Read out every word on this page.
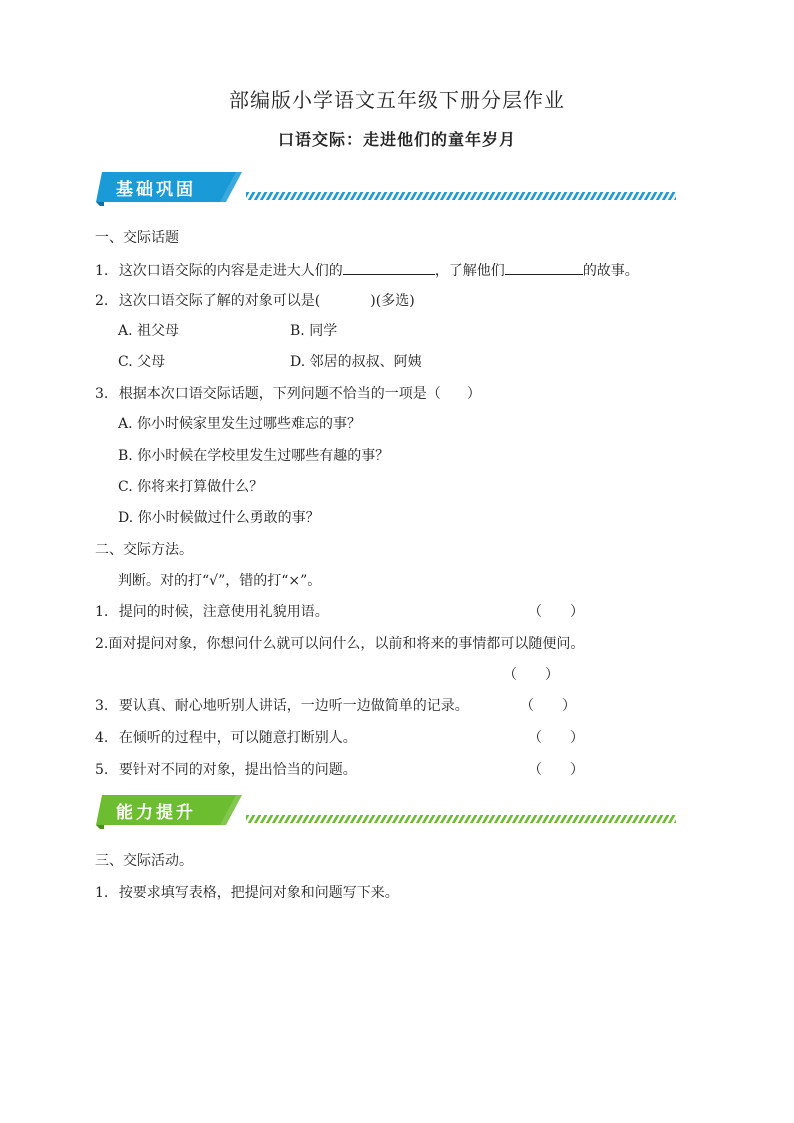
部编版小学语文五年级下册分层作业
口语交际：走进他们的童年岁月
基础巩固
一、交际话题
1. 这次口语交际的内容是走进大人们的	，了解他们	的故事。
2. 这次口语交际了解的对象可以是(	)(多选)
A. 祖父母	B. 同学
C. 父母	D. 邻居的叔叔、阿姨
3. 根据本次口语交际话题，下列问题不恰当的一项是（ ）
A. 你小时候家里发生过哪些难忘的事？
B. 你小时候在学校里发生过哪些有趣的事？
C. 你将来打算做什么？
D. 你小时候做过什么勇敢的事？
二、交际方法。
判断。对的打“√”，错的打“×”。
1. 提问的时候，注意使用礼貌用语。	（　　）
2.面对提问对象，你想问什么就可以问什么，以前和将来的事情都可以随便问。
（　　）
3. 要认真、耐心地听别人讲话，一边听一边做简单的记录。	（　　）
4. 在倾听的过程中，可以随意打断别人。	（　　）
5. 要针对不同的对象，提出恰当的问题。	（　　）
能力提升
三、交际活动。
1. 按要求填写表格，把提问对象和问题写下来。
